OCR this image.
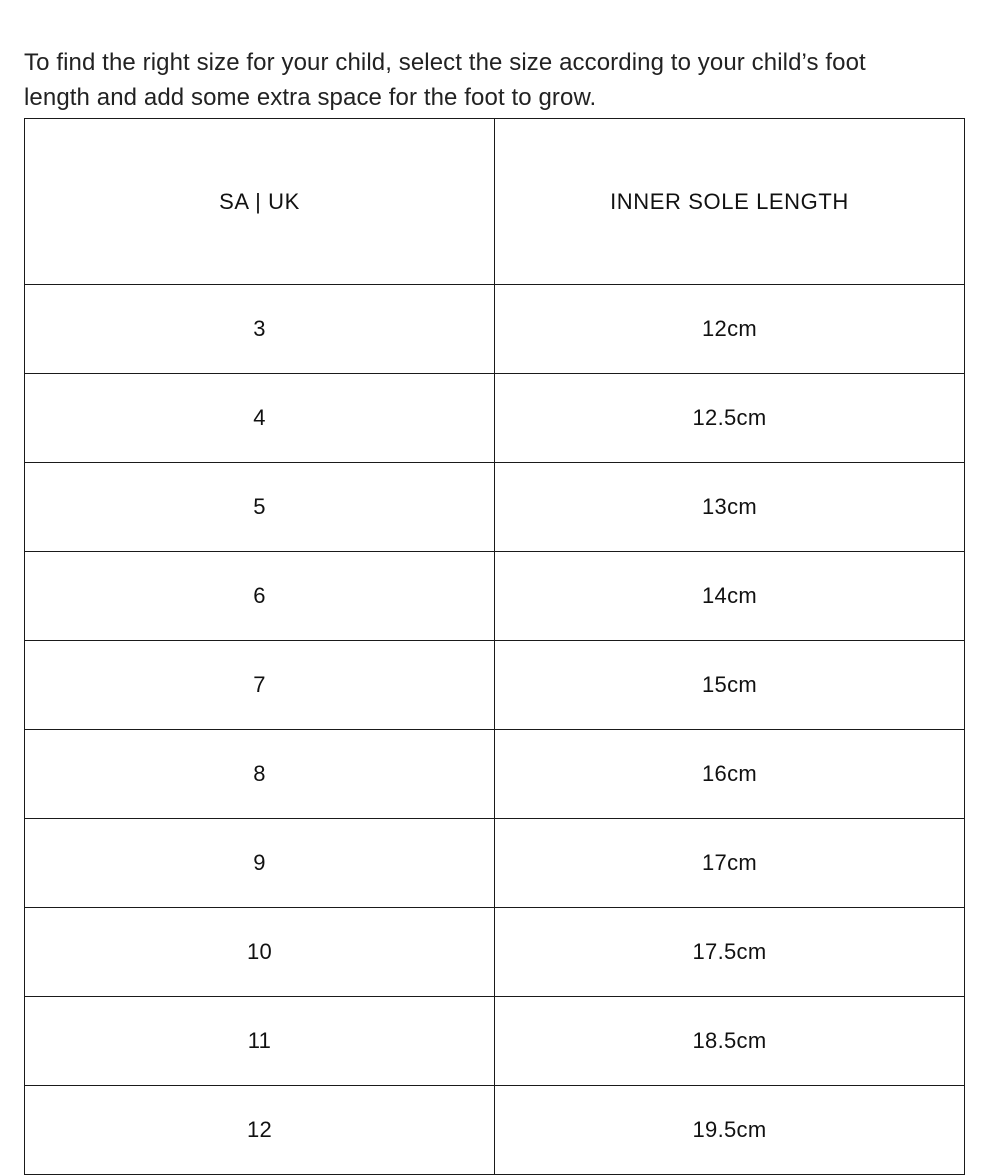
To find the right size for your child, select the size according to your child’s foot length and add some extra space for the foot to grow.

SA | UK	INNER SOLE LENGTH
3	12cm
4	12.5cm
5	13cm
6	14cm
7	15cm
8	16cm
9	17cm
10	17.5cm
11	18.5cm
12	19.5cm
